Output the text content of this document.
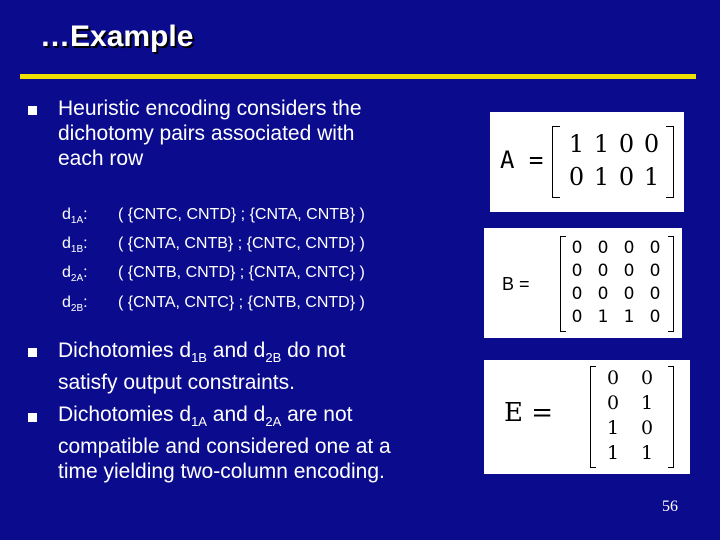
…Example
Heuristic encoding considers the
dichotomy pairs associated with
each row
$d_{1A}$:	( {CNTC, CNTD} ; {CNTA, CNTB} )
$d_{1B}$:	( {CNTA, CNTB} ; {CNTC, CNTD} )
$d_{2A}$:	( {CNTB, CNTD} ; {CNTA, CNTC} )
$d_{2B}$:	( {CNTA, CNTC} ; {CNTB, CNTD} )
Dichotomies $d_{1B}$ and $d_{2B}$ do not
satisfy output constraints.
Dichotomies $d_{1A}$ and $d_{2A}$ are not
compatible and considered one at a
time yielding two-column encoding.
A =
1 1 0 0
0 1 0 1
B =
0 0 0 0
0 0 0 0
0 0 0 0
0 1 1 0
E =
0	0
0	1
1	0
1	1
56
